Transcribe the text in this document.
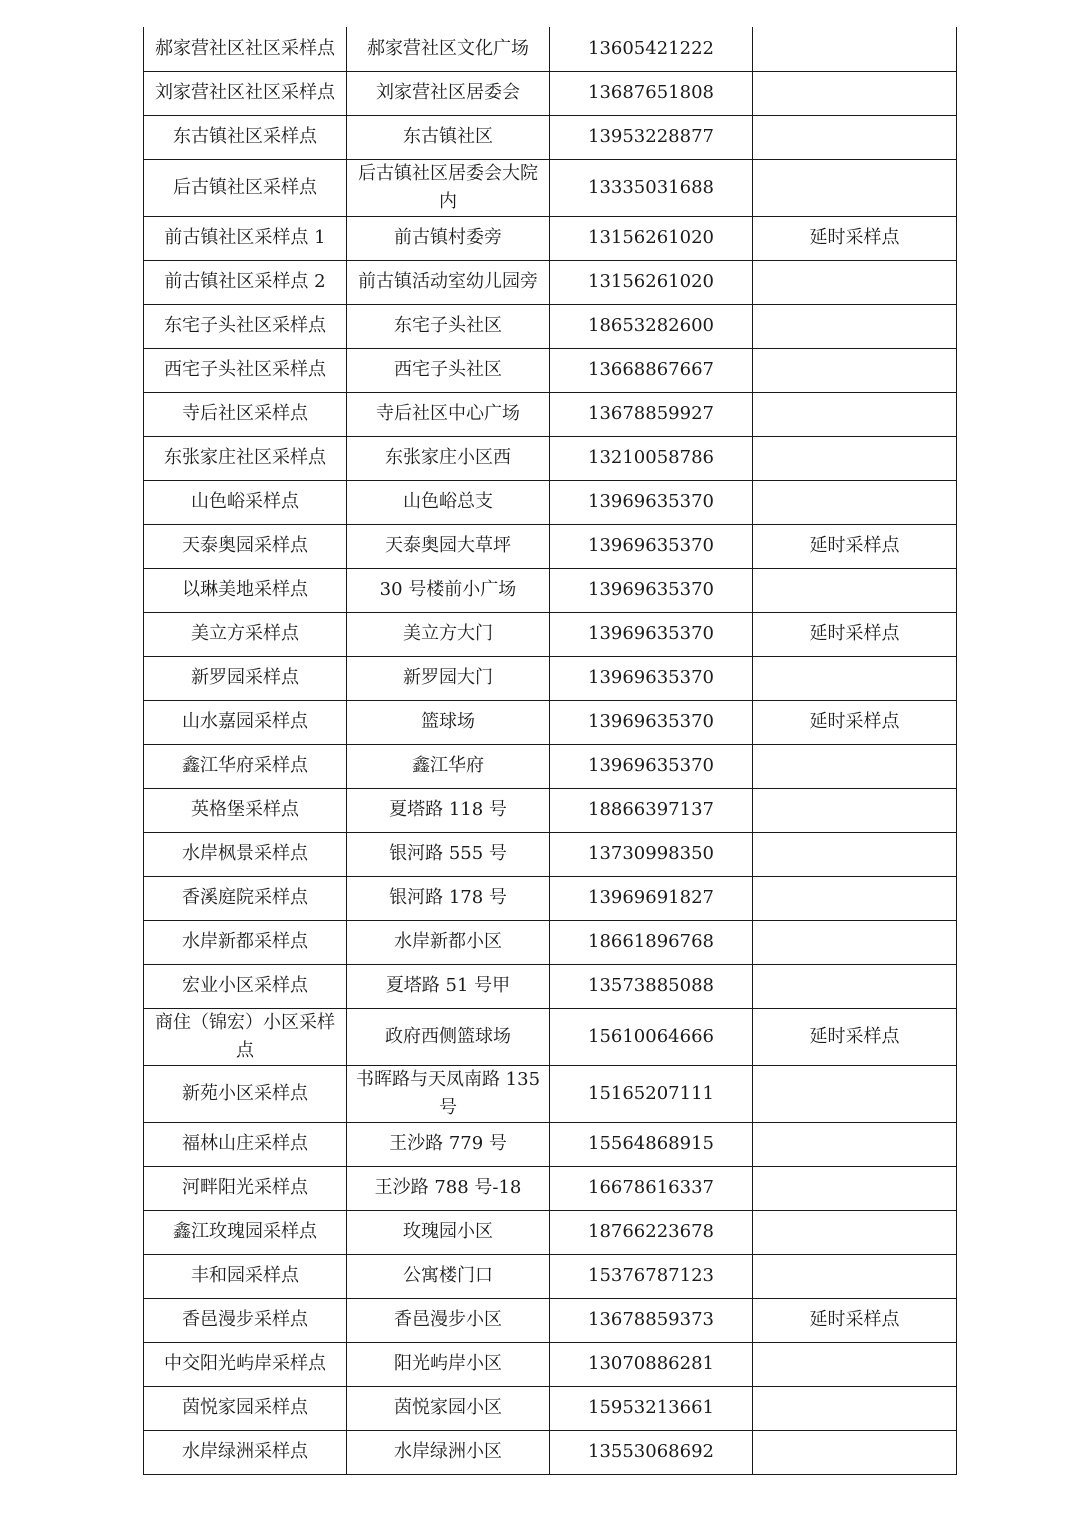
郝家营社区社区采样点	郝家营社区文化广场	13605421222	
刘家营社区社区采样点	刘家营社区居委会	13687651808	
东古镇社区采样点	东古镇社区	13953228877	
后古镇社区采样点	后古镇社区居委会大院内	13335031688	
前古镇社区采样点 1	前古镇村委旁	13156261020	延时采样点
前古镇社区采样点 2	前古镇活动室幼儿园旁	13156261020	
东宅子头社区采样点	东宅子头社区	18653282600	
西宅子头社区采样点	西宅子头社区	13668867667	
寺后社区采样点	寺后社区中心广场	13678859927	
东张家庄社区采样点	东张家庄小区西	13210058786	
山色峪采样点	山色峪总支	13969635370	
天泰奥园采样点	天泰奥园大草坪	13969635370	延时采样点
以琳美地采样点	30 号楼前小广场	13969635370	
美立方采样点	美立方大门	13969635370	延时采样点
新罗园采样点	新罗园大门	13969635370	
山水嘉园采样点	篮球场	13969635370	延时采样点
鑫江华府采样点	鑫江华府	13969635370	
英格堡采样点	夏塔路 118 号	18866397137	
水岸枫景采样点	银河路 555 号	13730998350	
香溪庭院采样点	银河路 178 号	13969691827	
水岸新都采样点	水岸新都小区	18661896768	
宏业小区采样点	夏塔路 51 号甲	13573885088	
商住（锦宏）小区采样点	政府西侧篮球场	15610064666	延时采样点
新苑小区采样点	书晖路与天凤南路 135 号	15165207111	
福林山庄采样点	王沙路 779 号	15564868915	
河畔阳光采样点	王沙路 788 号-18	16678616337	
鑫江玫瑰园采样点	玫瑰园小区	18766223678	
丰和园采样点	公寓楼门口	15376787123	
香邑漫步采样点	香邑漫步小区	13678859373	延时采样点
中交阳光屿岸采样点	阳光屿岸小区	13070886281	
茵悦家园采样点	茵悦家园小区	15953213661	
水岸绿洲采样点	水岸绿洲小区	13553068692	
